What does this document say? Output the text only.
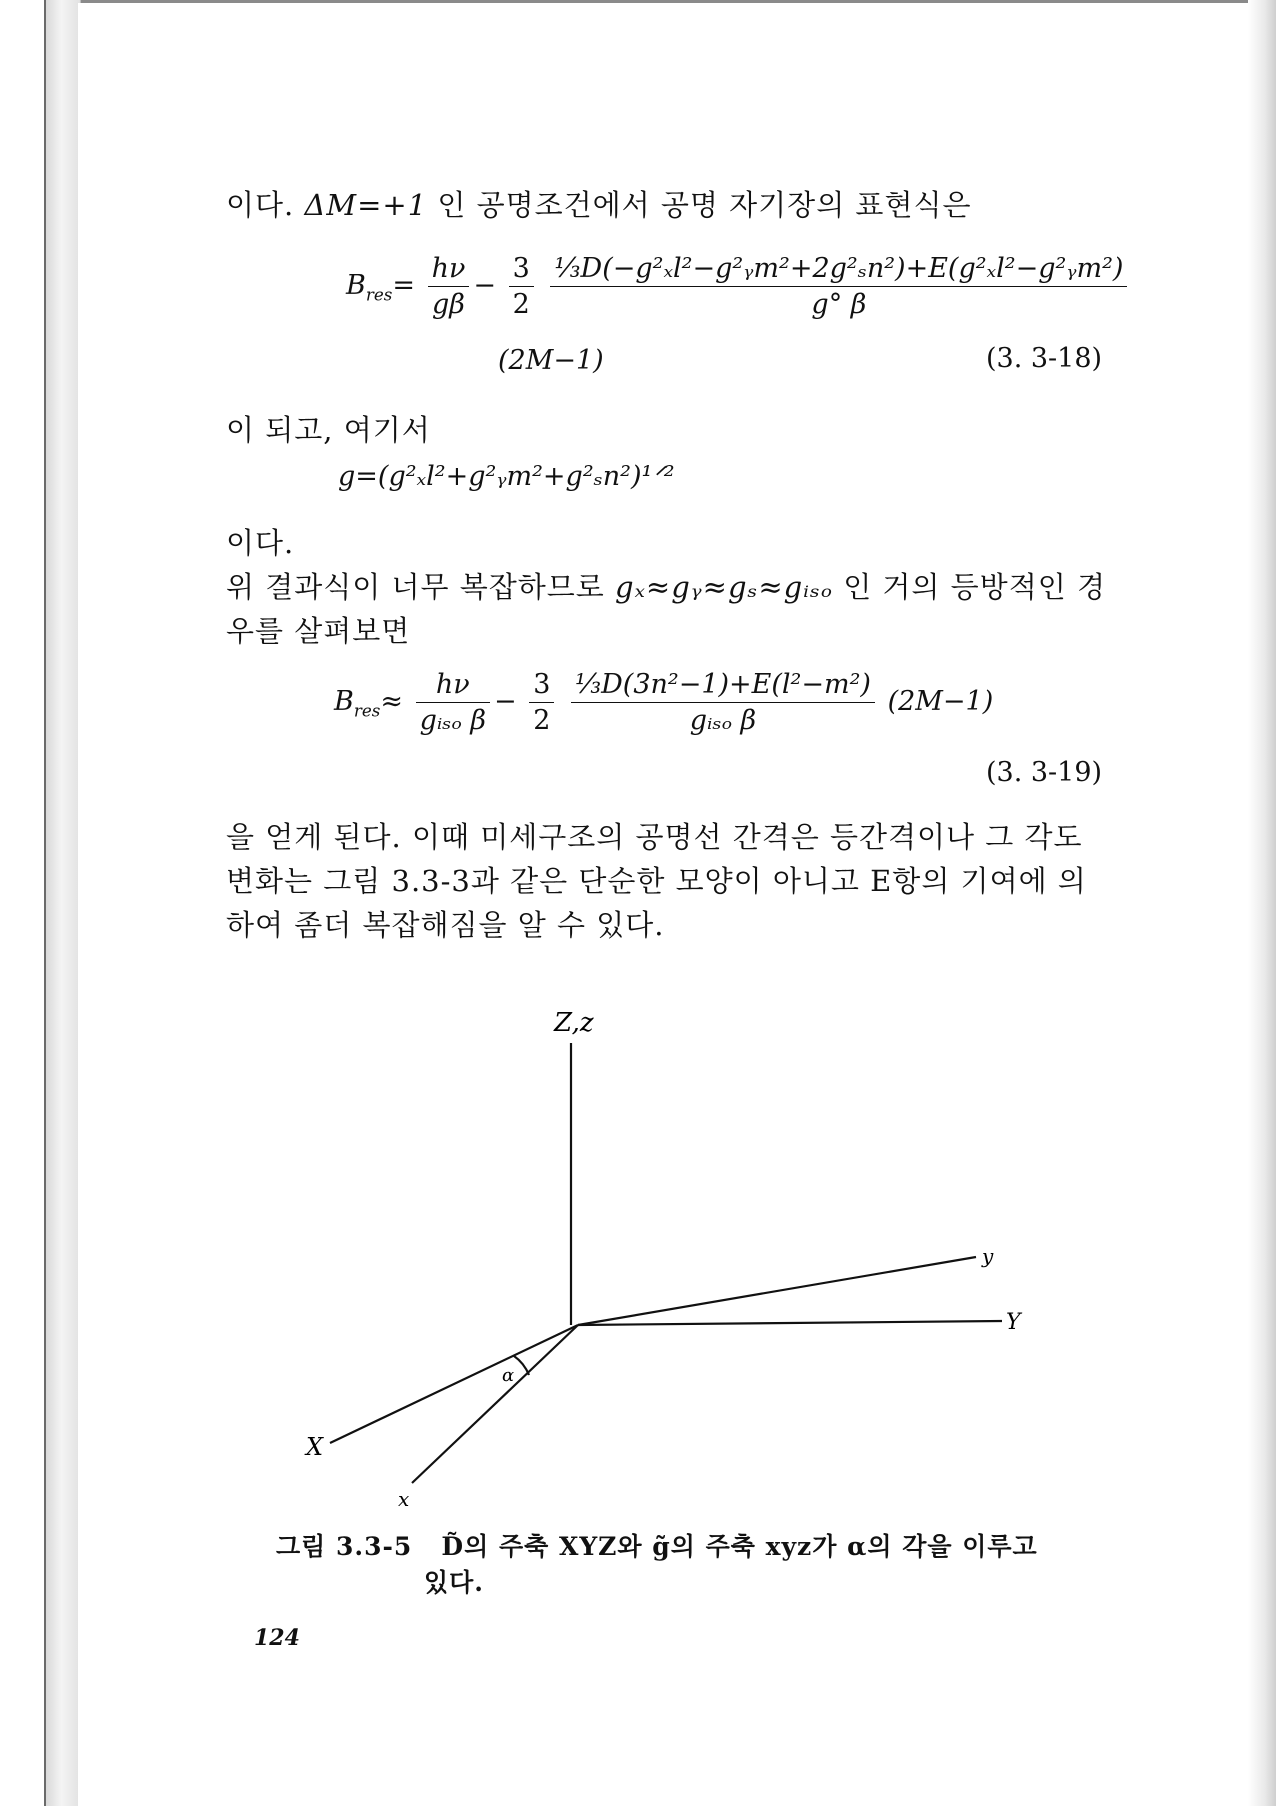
이다. ΔM=+1 인 공명조건에서 공명 자기장의 표현식은
$B_{res}= \frac{h\nu}{g\beta} - \frac{3}{2}$
$\frac{\text{⅓D(−g²ₓl²−g²ᵧm²+2g²ₛn²)+E(g²ₓl²−g²ᵧm²)}}{g^\circ \beta}$
(2M−1)	(3. 3-18)
이 되고, 여기서
g=(g²ₓl²+g²ᵧm²+g²ₛn²)¹ᐟ²
이다.
위 결과식이 너무 복잡하므로 gₓ≈gᵧ≈gₛ≈gᵢₛₒ 인 거의 등방적인 경
우를 살펴보면
$B_{res}\approx \frac{h\nu}{\text{gᵢₛₒ β}} - \frac{3}{2}$
$\frac{\text{⅓D(3n²−1)+E(l²−m²)}}{\text{gᵢₛₒ β}} (2M-1)$
(3. 3-19)
을 얻게 된다. 이때 미세구조의 공명선 간격은 등간격이나 그 각도
변화는 그림 3.3-3과 같은 단순한 모양이 아니고 E항의 기여에 의
하여 좀더 복잡해짐을 알 수 있다.
Z,z
y
Y
X
x
α
그림 3.3-5 D̃의 주축 XYZ와 g̃의 주축 xyz가 α의 각을 이루고
있다.
124
